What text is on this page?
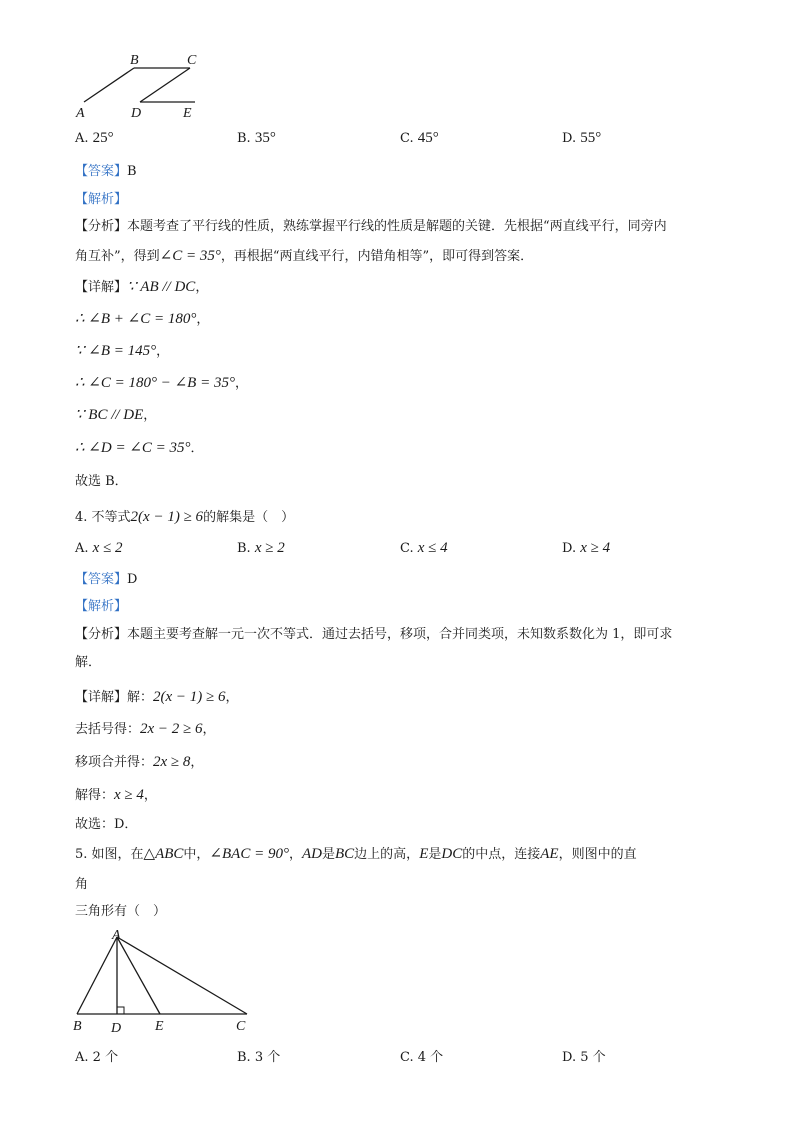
A
B	C
D	E
A. 25°	B. 35°	C. 45°	D. 55°
【答案】B
【解析】
【分析】本题考查了平行线的性质，熟练掌握平行线的性质是解题的关键．先根据“两直线平行，同旁内
角互补”，得到∠C = 35°，再根据“两直线平行，内错角相等”，即可得到答案．
【详解】∵ AB // DC，
∴ ∠B + ∠C = 180°，
∵ ∠B = 145°，
∴ ∠C = 180° − ∠B = 35°，
∵ BC // DE，
∴ ∠D = ∠C = 35°．
故选 B．
4. 不等式2(x − 1) ≥ 6的解集是（　）
A. x ≤ 2	B. x ≥ 2	C. x ≤ 4	D. x ≥ 4
【答案】D
【解析】
【分析】本题主要考查解一元一次不等式．通过去括号，移项，合并同类项，未知数系数化为 1，即可求
解．
【详解】解：2(x − 1) ≥ 6，
去括号得：2x − 2 ≥ 6，
移项合并得：2x ≥ 8，
解得：x ≥ 4，
故选：D．
5. 如图，在△ABC中，∠BAC = 90°，AD是BC边上的高，E是DC的中点，连接AE，则图中的直
角
三角形有（　）
A
B D E	C
A. 2 个	B. 3 个	C. 4 个	D. 5 个
